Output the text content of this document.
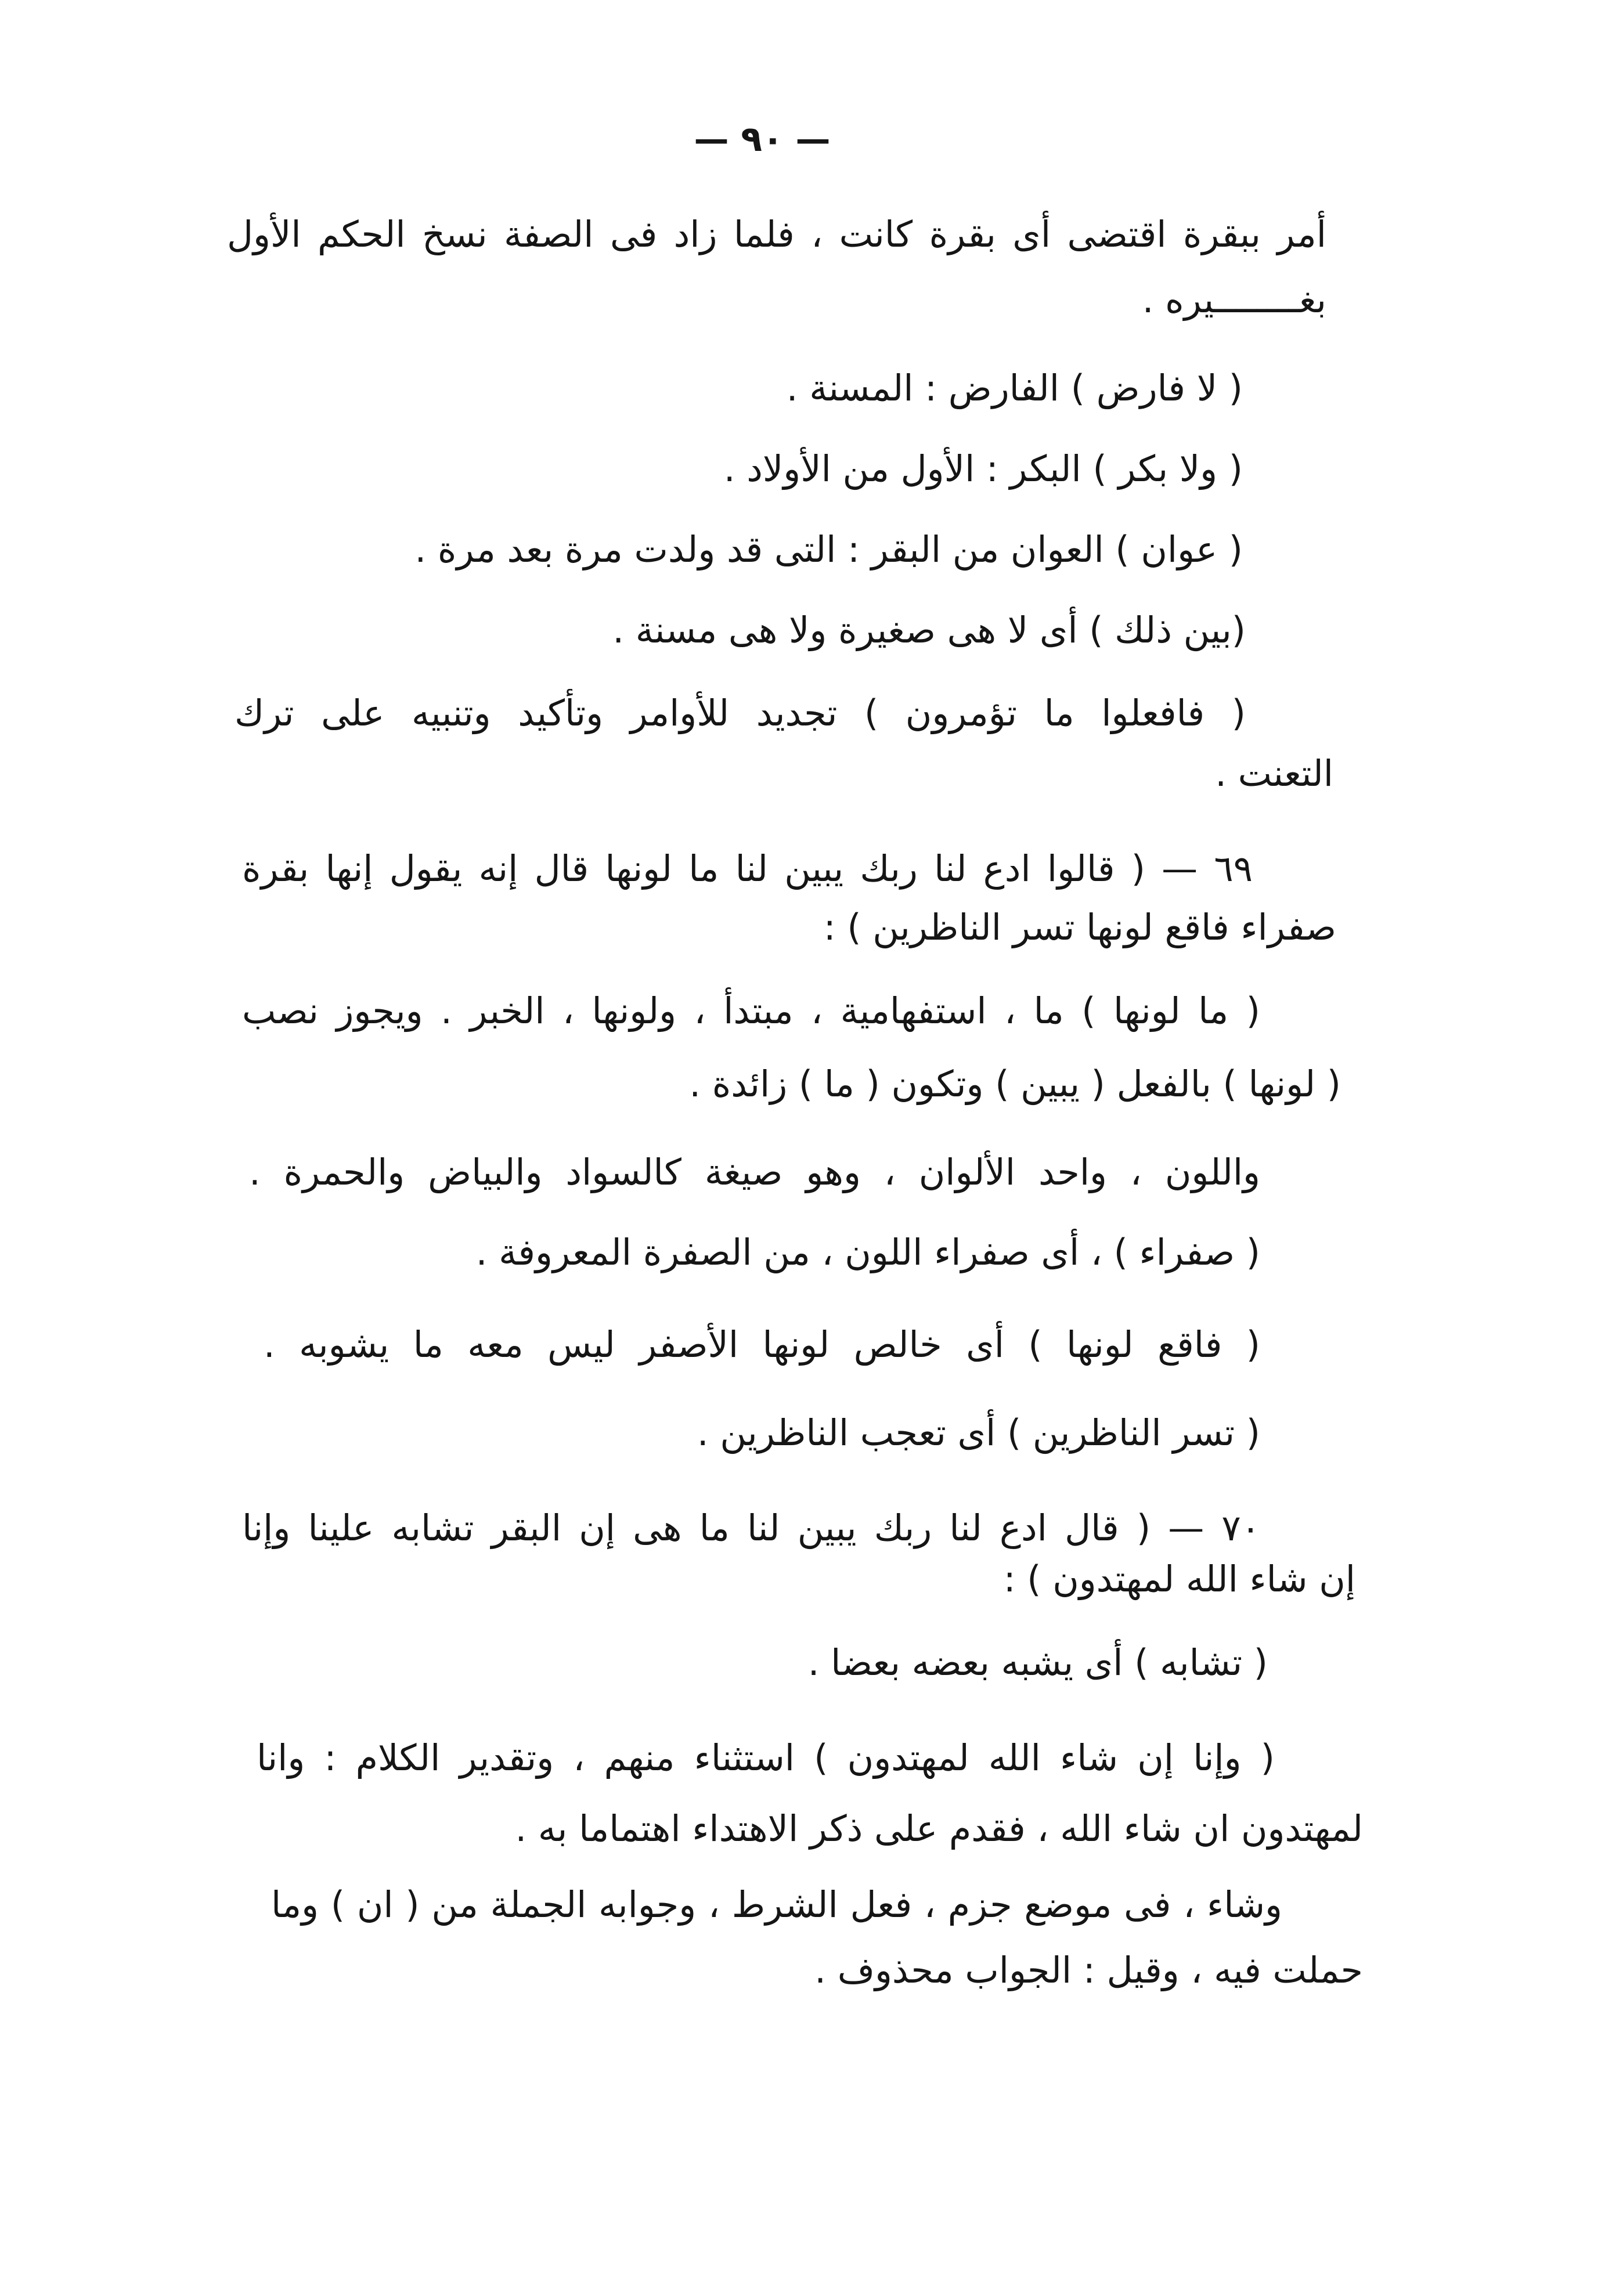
— ٩٠ —
أمر ببقرة اقتضى أى بقرة كانت ، فلما زاد فى الصفة نسخ الحكم الأول
بغــــــــيره .
( لا فارض ) الفارض : المسنة .
( ولا بكر ) البكر : الأول من الأولاد .
( عوان ) العوان من البقر : التى قد ولدت مرة بعد مرة .
(بين ذلك ) أى لا هى صغيرة ولا هى مسنة .
( فافعلوا ما تؤمرون ) تجديد للأوامر وتأكيد وتنبيه على ترك
التعنت .
٦٩ — ( قالوا ادع لنا ربك يبين لنا ما لونها قال إنه يقول إنها بقرة
صفراء فاقع لونها تسر الناظرين ) :
( ما لونها ) ما ، استفهامية ، مبتدأ ، ولونها ، الخبر . ويجوز نصب
( لونها ) بالفعل ( يبين ) وتكون ( ما ) زائدة .
واللون ، واحد الألوان ، وهو صيغة كالسواد والبياض والحمرة .
( صفراء ) ، أى صفراء اللون ، من الصفرة المعروفة .
( فاقع لونها ) أى خالص لونها الأصفر ليس معه ما يشوبه .
( تسر الناظرين ) أى تعجب الناظرين .
٧٠ — ( قال ادع لنا ربك يبين لنا ما هى إن البقر تشابه علينا وإنا
إن شاء الله لمهتدون ) :
( تشابه ) أى يشبه بعضه بعضا .
( وإنا إن شاء الله لمهتدون ) استثناء منهم ، وتقدير الكلام : وانا
لمهتدون ان شاء الله ، فقدم على ذكر الاهتداء اهتماما به .
وشاء ، فى موضع جزم ، فعل الشرط ، وجوابه الجملة من ( ان ) وما
حملت فيه ، وقيل : الجواب محذوف .
